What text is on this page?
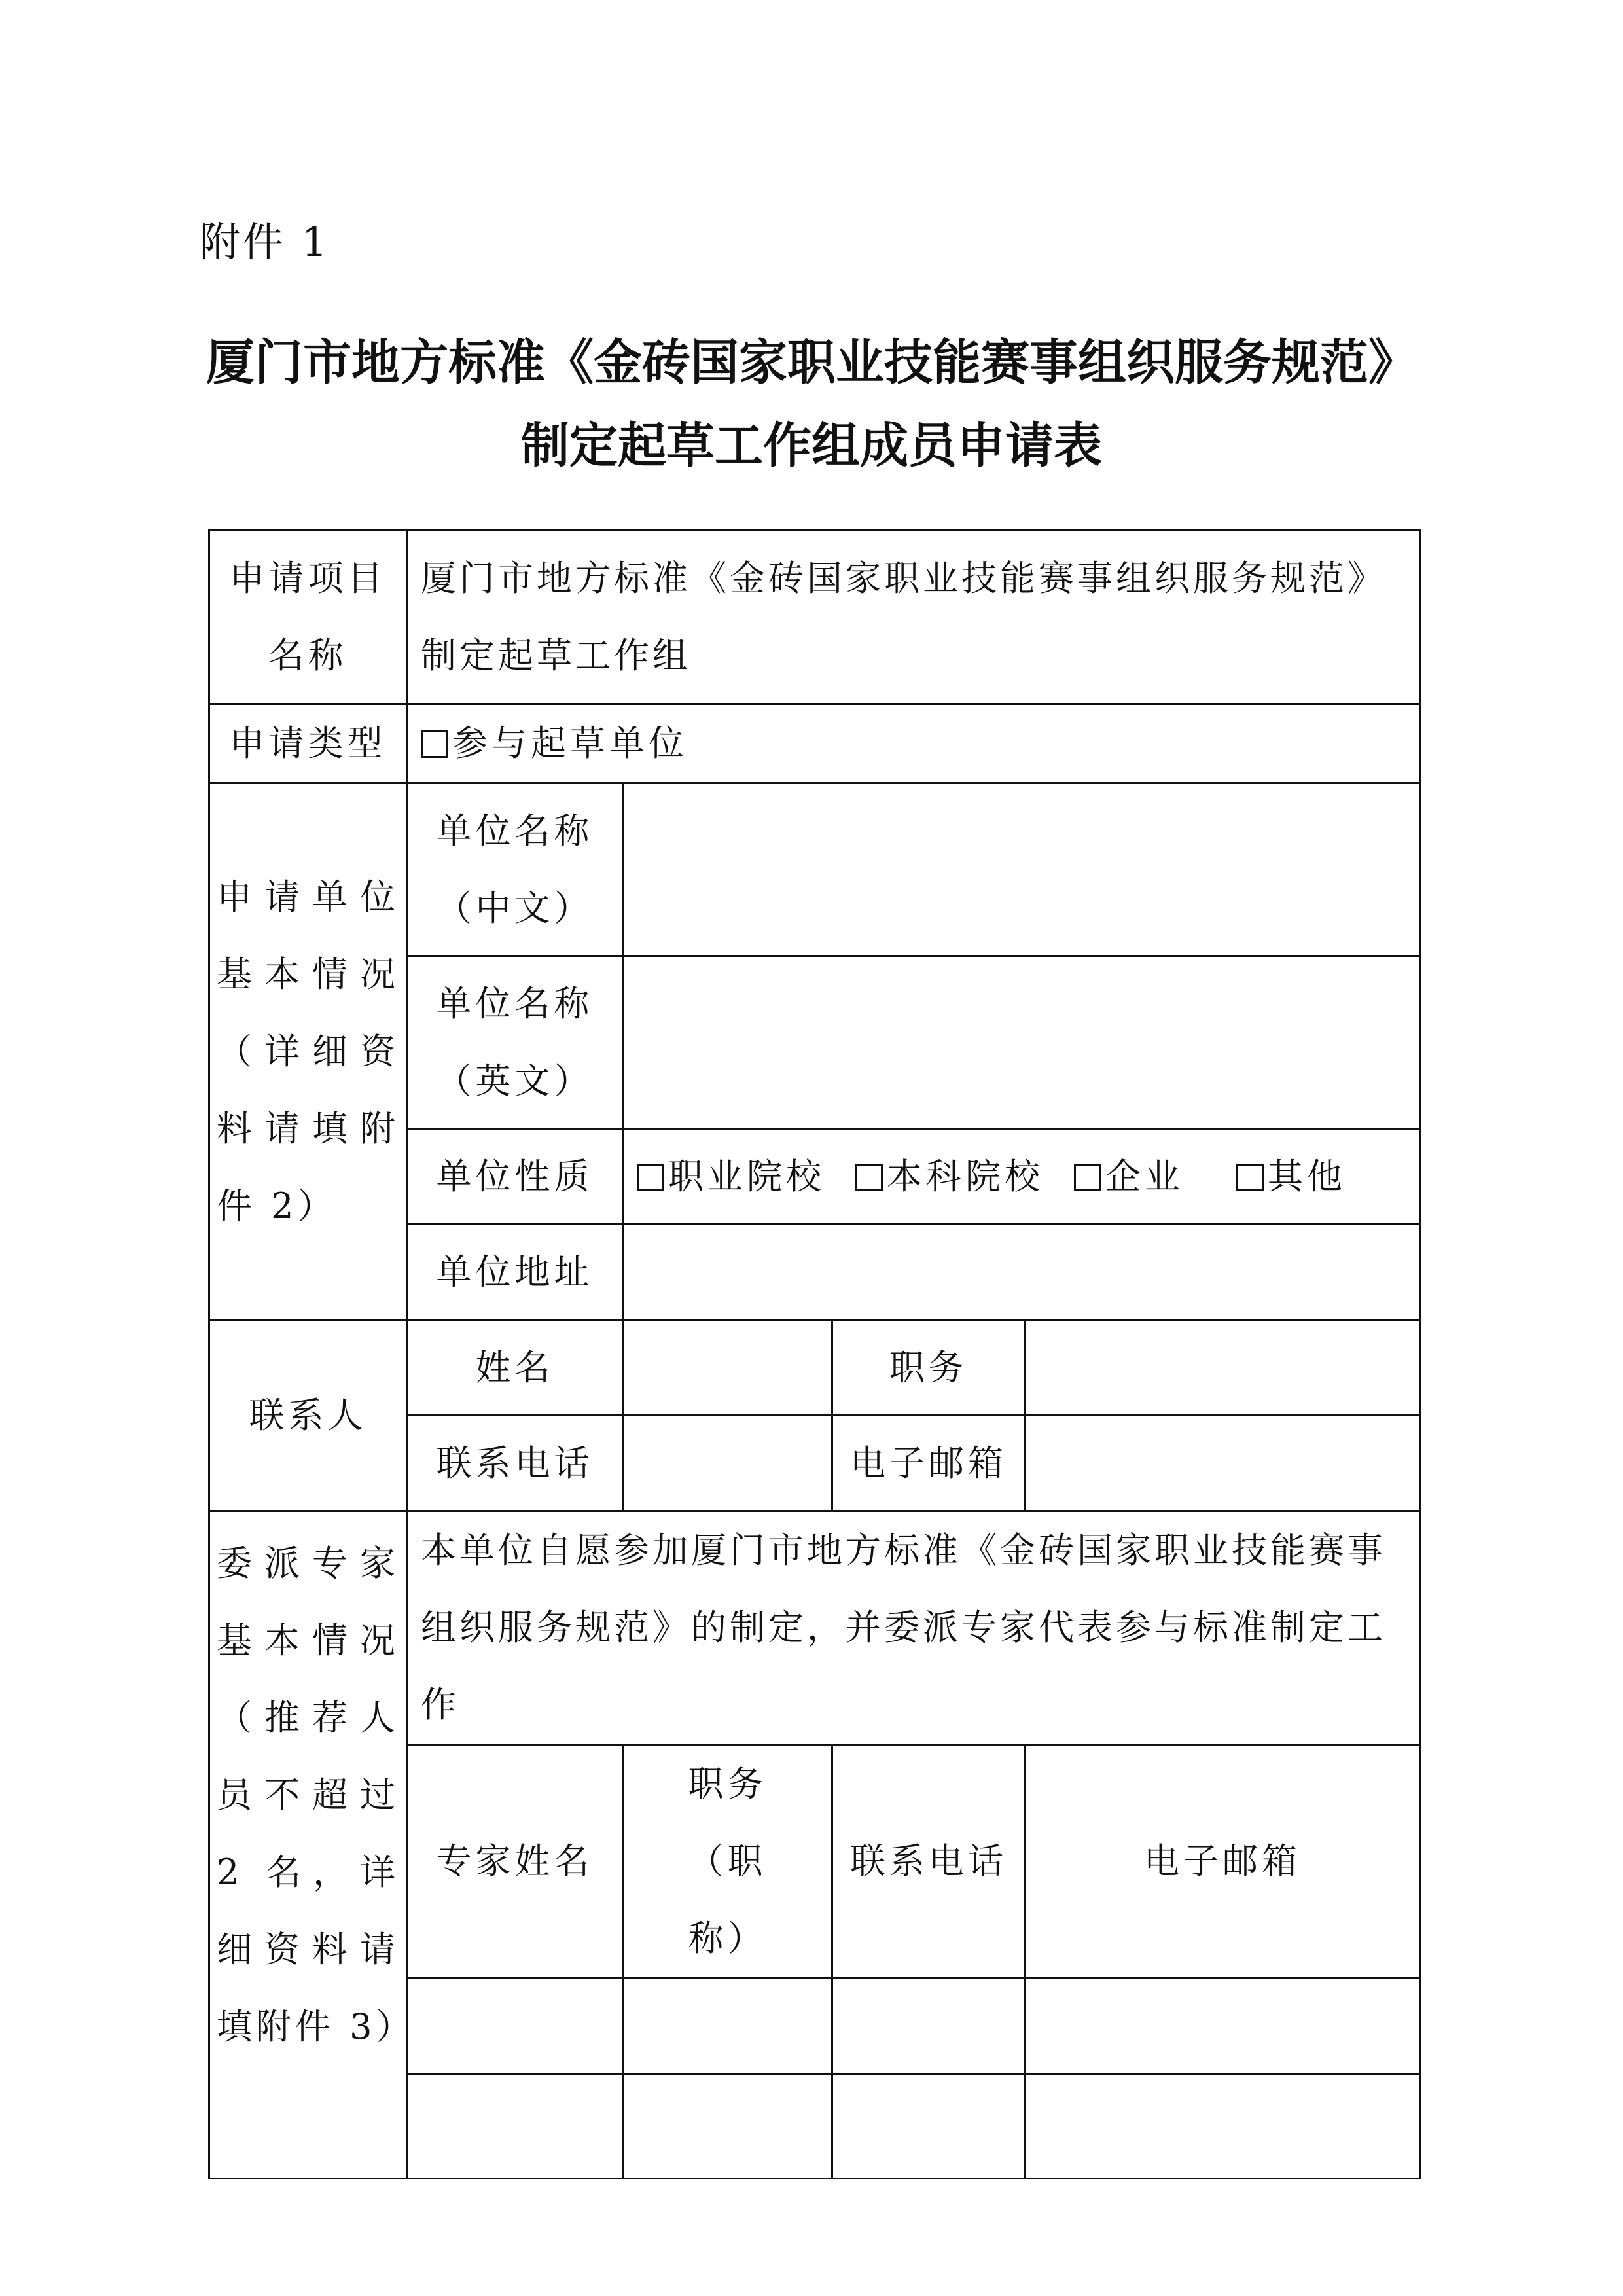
附件 1
厦门市地方标准《金砖国家职业技能赛事组织服务规范》
制定起草工作组成员申请表
申请项目名称	厦门市地方标准《金砖国家职业技能赛事组织服务规范》制定起草工作组			

申请类型	参与起草单位			

申请单位基本情况（详细资料请填附件 2）	单位名称（中文）			

	单位名称（英文）			

	单位性质	职业院校 本科院校 企业 其他		
	单位地址			
联系人	姓名		职务	
	联系电话		电子邮箱	

委派专家基本情况（推荐人员不超过 2 名，详细资料请填附件 3）	本单位自愿参加厦门市地方标准《金砖国家职业技能赛事组织服务规范》的制定，并委派专家代表参与标准制定工作			

	专家姓名	职务（职称）	联系电话	电子邮箱
